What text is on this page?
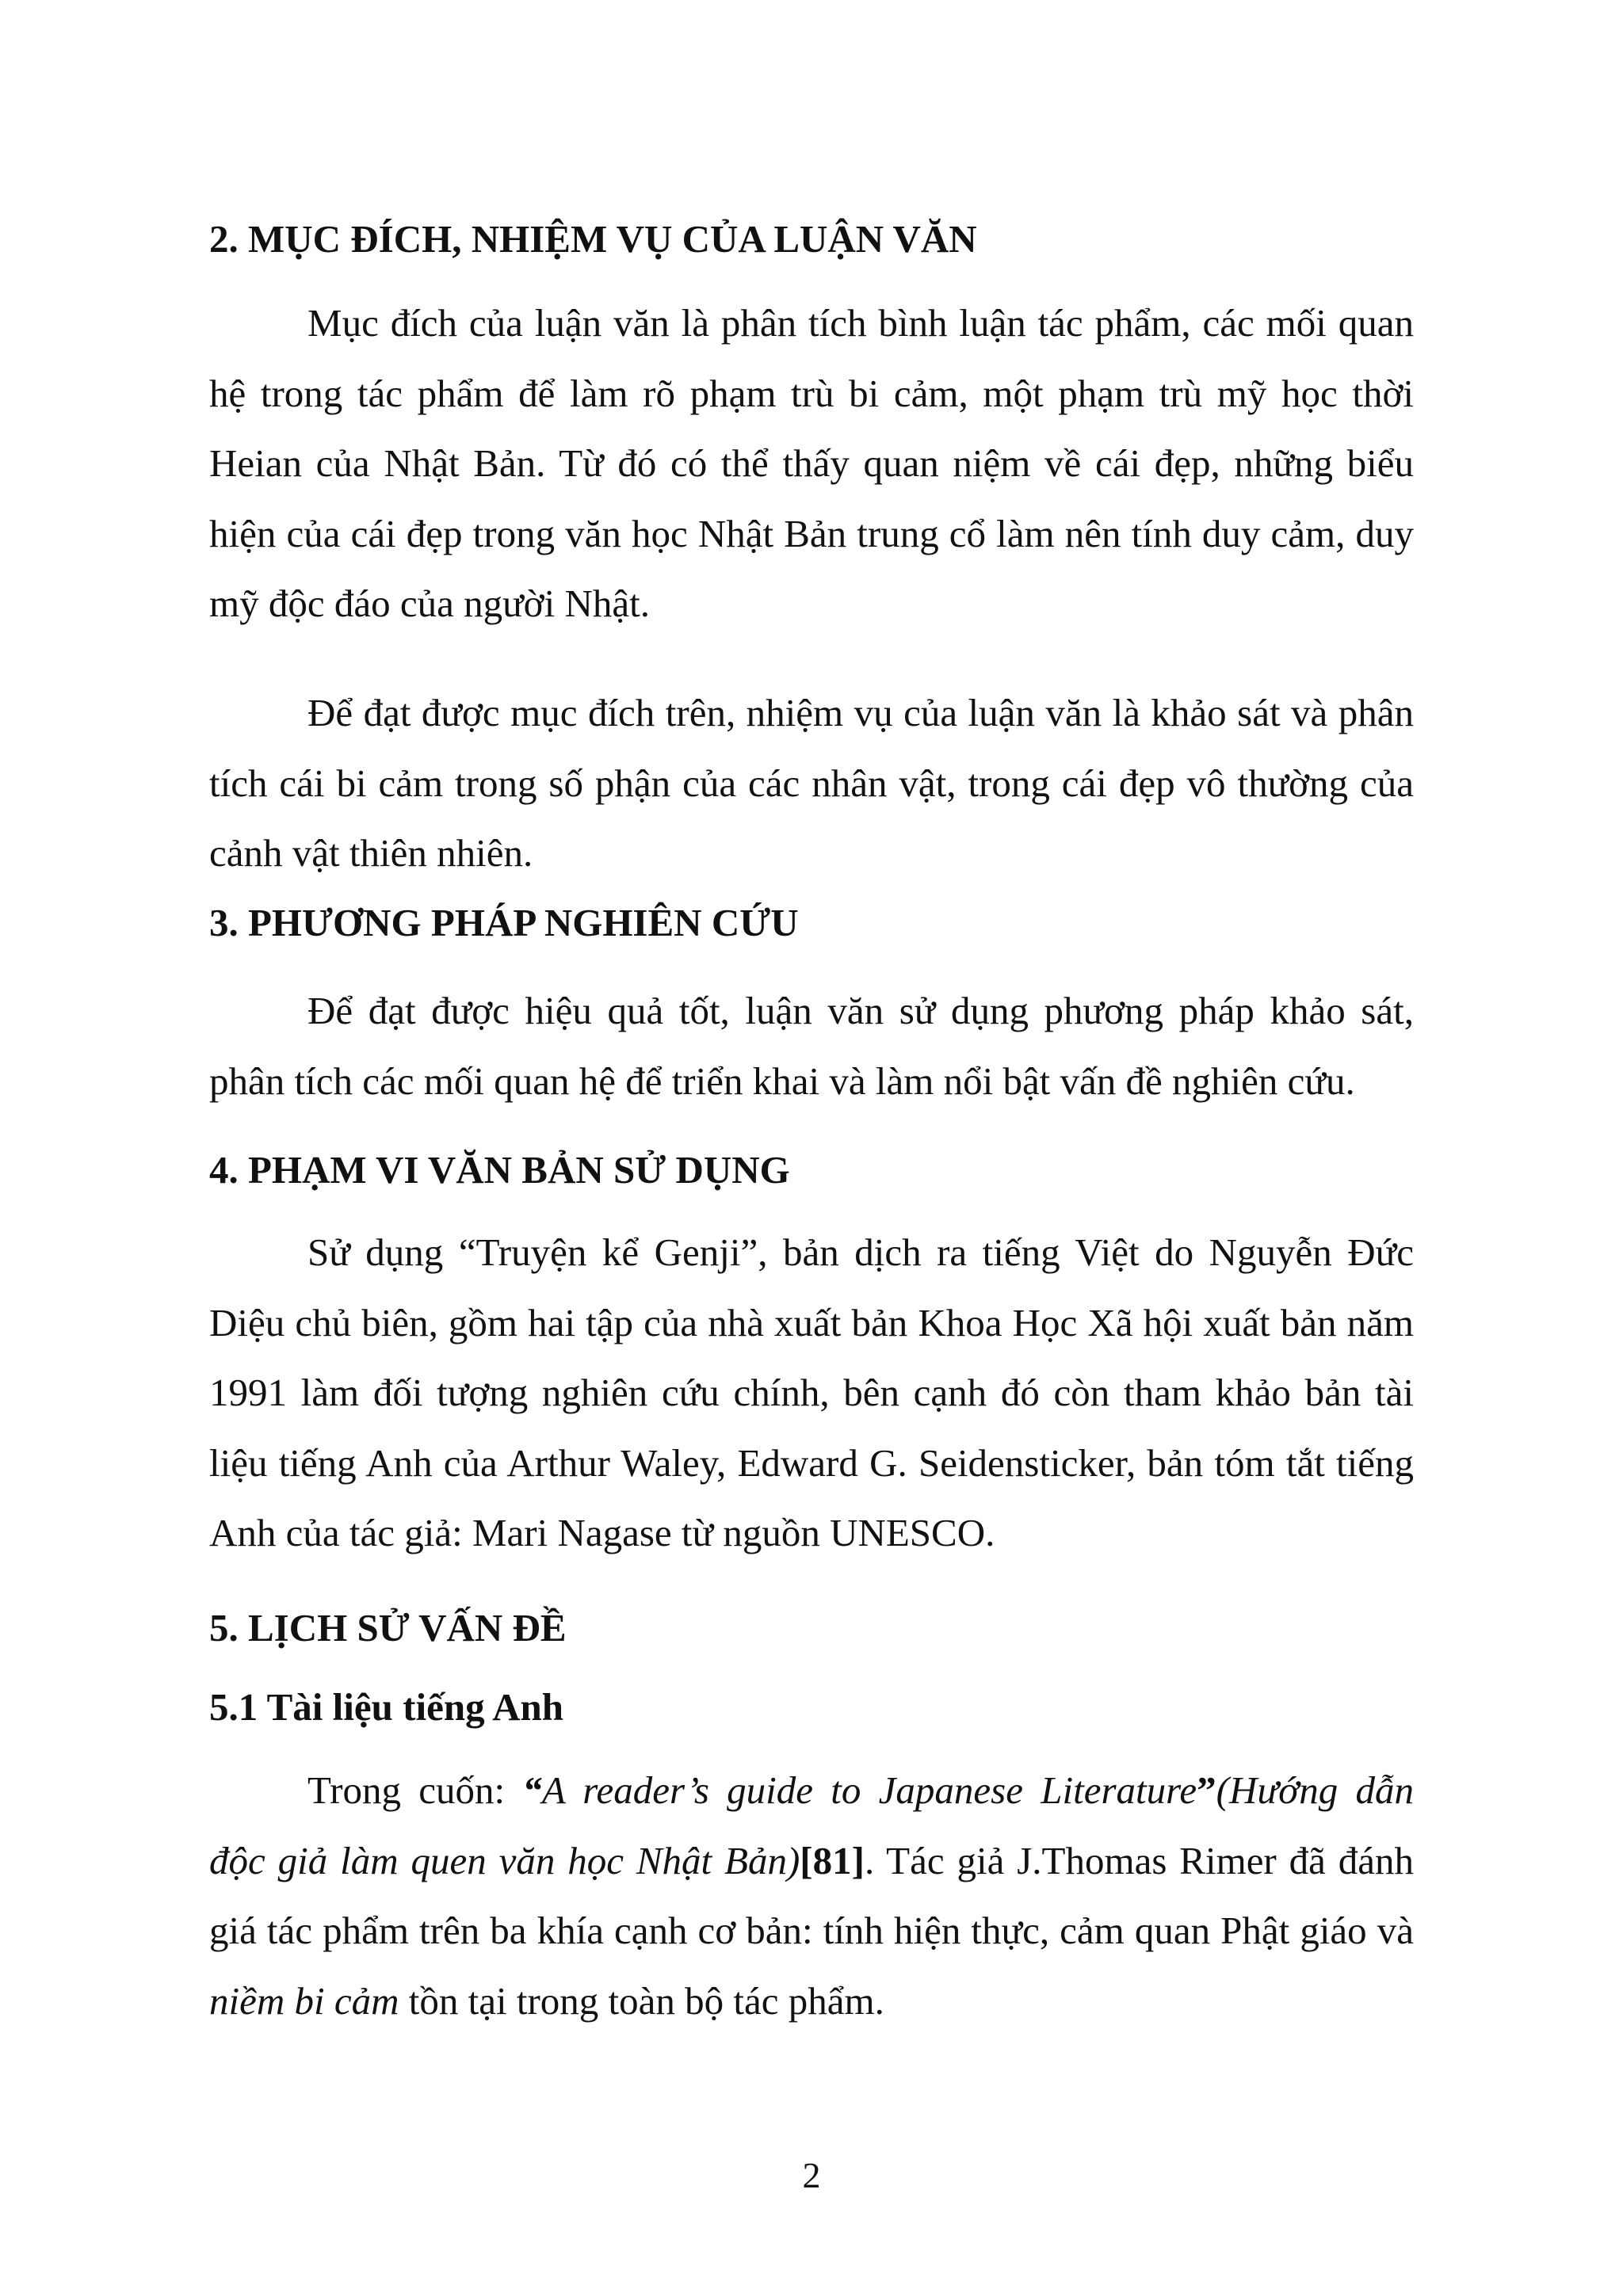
2. MỤC ĐÍCH, NHIỆM VỤ CỦA LUẬN VĂN

Mục đích của luận văn là phân tích bình luận tác phẩm, các mối quan hệ trong tác phẩm để làm rõ phạm trù bi cảm, một phạm trù mỹ học thời Heian của Nhật Bản. Từ đó có thể thấy quan niệm về cái đẹp, những biểu hiện của cái đẹp trong văn học Nhật Bản trung cổ làm nên tính duy cảm, duy mỹ độc đáo của người Nhật.

Để đạt được mục đích trên, nhiệm vụ của luận văn là khảo sát và phân tích cái bi cảm trong số phận của các nhân vật, trong cái đẹp vô thường của cảnh vật thiên nhiên.

3. PHƯƠNG PHÁP NGHIÊN CỨU

Để đạt được hiệu quả tốt, luận văn sử dụng phương pháp khảo sát, phân tích các mối quan hệ để triển khai và làm nổi bật vấn đề nghiên cứu.

4. PHẠM VI VĂN BẢN SỬ DỤNG

Sử dụng “Truyện kể Genji”, bản dịch ra tiếng Việt do Nguyễn Đức Diệu chủ biên, gồm hai tập của nhà xuất bản Khoa Học Xã hội xuất bản năm 1991 làm đối tượng nghiên cứu chính, bên cạnh đó còn tham khảo bản tài liệu tiếng Anh của Arthur Waley, Edward G. Seidensticker, bản tóm tắt tiếng Anh của tác giả: Mari Nagase từ nguồn UNESCO.

5. LỊCH SỬ VẤN ĐỀ
5.1 Tài liệu tiếng Anh

Trong cuốn: “A reader’s guide to Japanese Literature”(Hướng dẫn độc giả làm quen văn học Nhật Bản)[81]. Tác giả J.Thomas Rimer đã đánh giá tác phẩm trên ba khía cạnh cơ bản: tính hiện thực, cảm quan Phật giáo và niềm bi cảm tồn tại trong toàn bộ tác phẩm.

2
